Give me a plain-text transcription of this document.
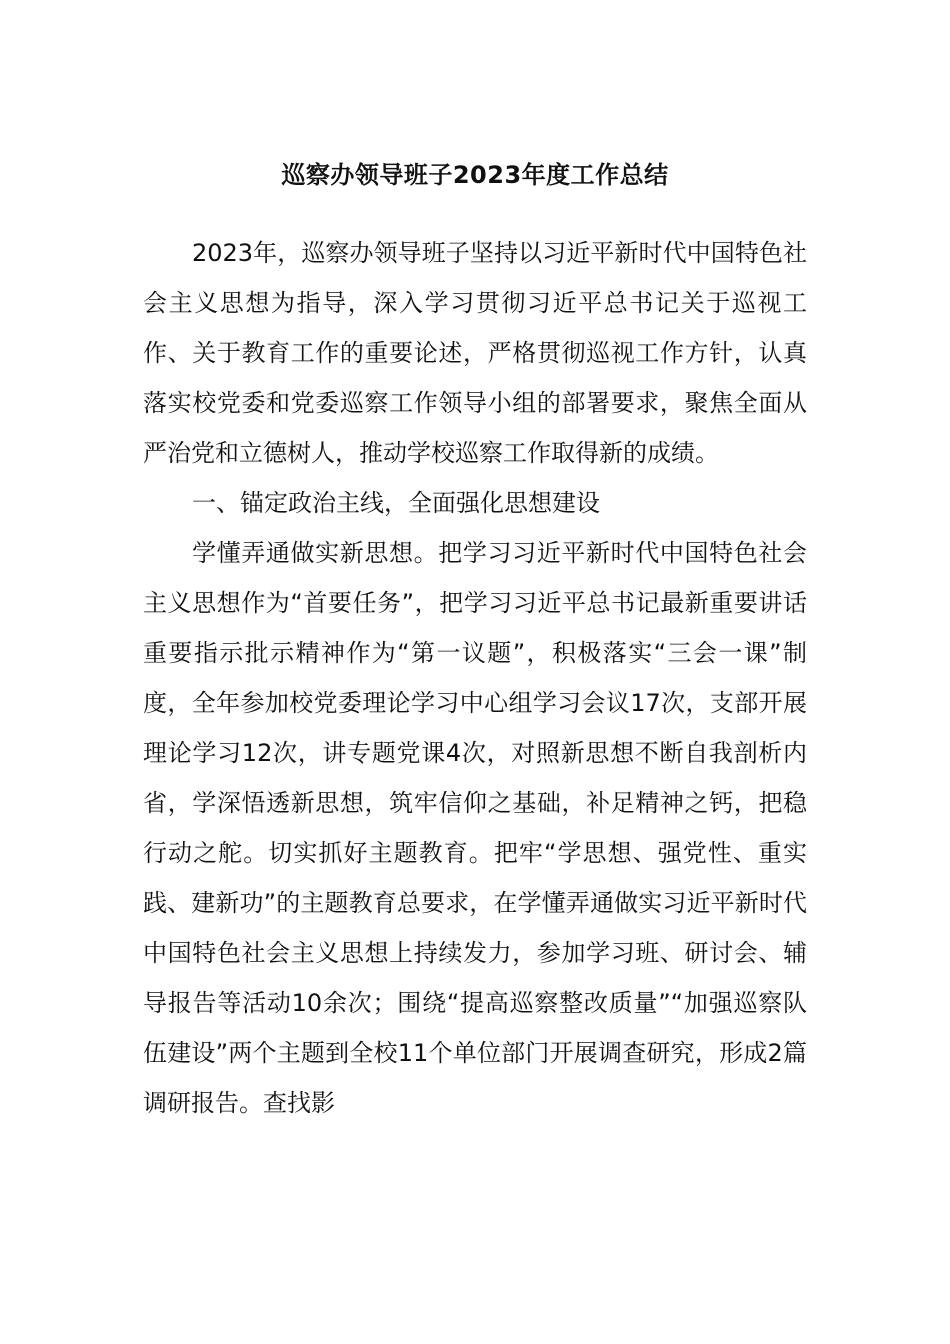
巡察办领导班子2023年度工作总结

2023年，巡察办领导班子坚持以习近平新时代中国特色社会主义思想为指导，深入学习贯彻习近平总书记关于巡视工作、关于教育工作的重要论述，严格贯彻巡视工作方针，认真落实校党委和党委巡察工作领导小组的部署要求，聚焦全面从严治党和立德树人，推动学校巡察工作取得新的成绩。

一、锚定政治主线，全面强化思想建设

学懂弄通做实新思想。把学习习近平新时代中国特色社会主义思想作为“首要任务”，把学习习近平总书记最新重要讲话重要指示批示精神作为“第一议题”，积极落实“三会一课”制度，全年参加校党委理论学习中心组学习会议17次，支部开展理论学习12次，讲专题党课4次，对照新思想不断自我剖析内省，学深悟透新思想，筑牢信仰之基础，补足精神之钙，把稳行动之舵。切实抓好主题教育。把牢“学思想、强党性、重实践、建新功”的主题教育总要求，在学懂弄通做实习近平新时代中国特色社会主义思想上持续发力，参加学习班、研讨会、辅导报告等活动10余次；围绕“提高巡察整改质量”“加强巡察队伍建设”两个主题到全校11个单位部门开展调查研究，形成2篇调研报告。查找影
